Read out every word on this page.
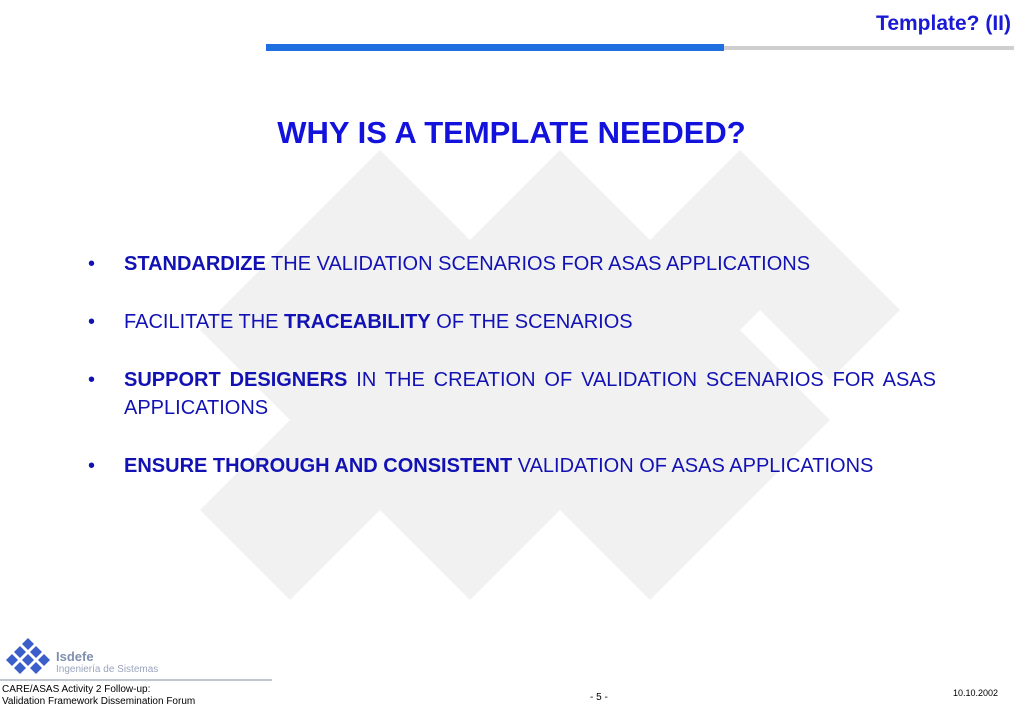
Template? (II)
WHY IS A TEMPLATE NEEDED?
• STANDARDIZE THE VALIDATION SCENARIOS FOR ASAS APPLICATIONS
• FACILITATE THE TRACEABILITY OF THE SCENARIOS
• SUPPORT DESIGNERS IN THE CREATION OF VALIDATION SCENARIOS FOR ASAS APPLICATIONS
• ENSURE THOROUGH AND CONSISTENT VALIDATION OF ASAS APPLICATIONS
Isdefe
Ingeniería de Sistemas
CARE/ASAS Activity 2 Follow-up:
Validation Framework Dissemination Forum	- 5 -	10.10.2002
